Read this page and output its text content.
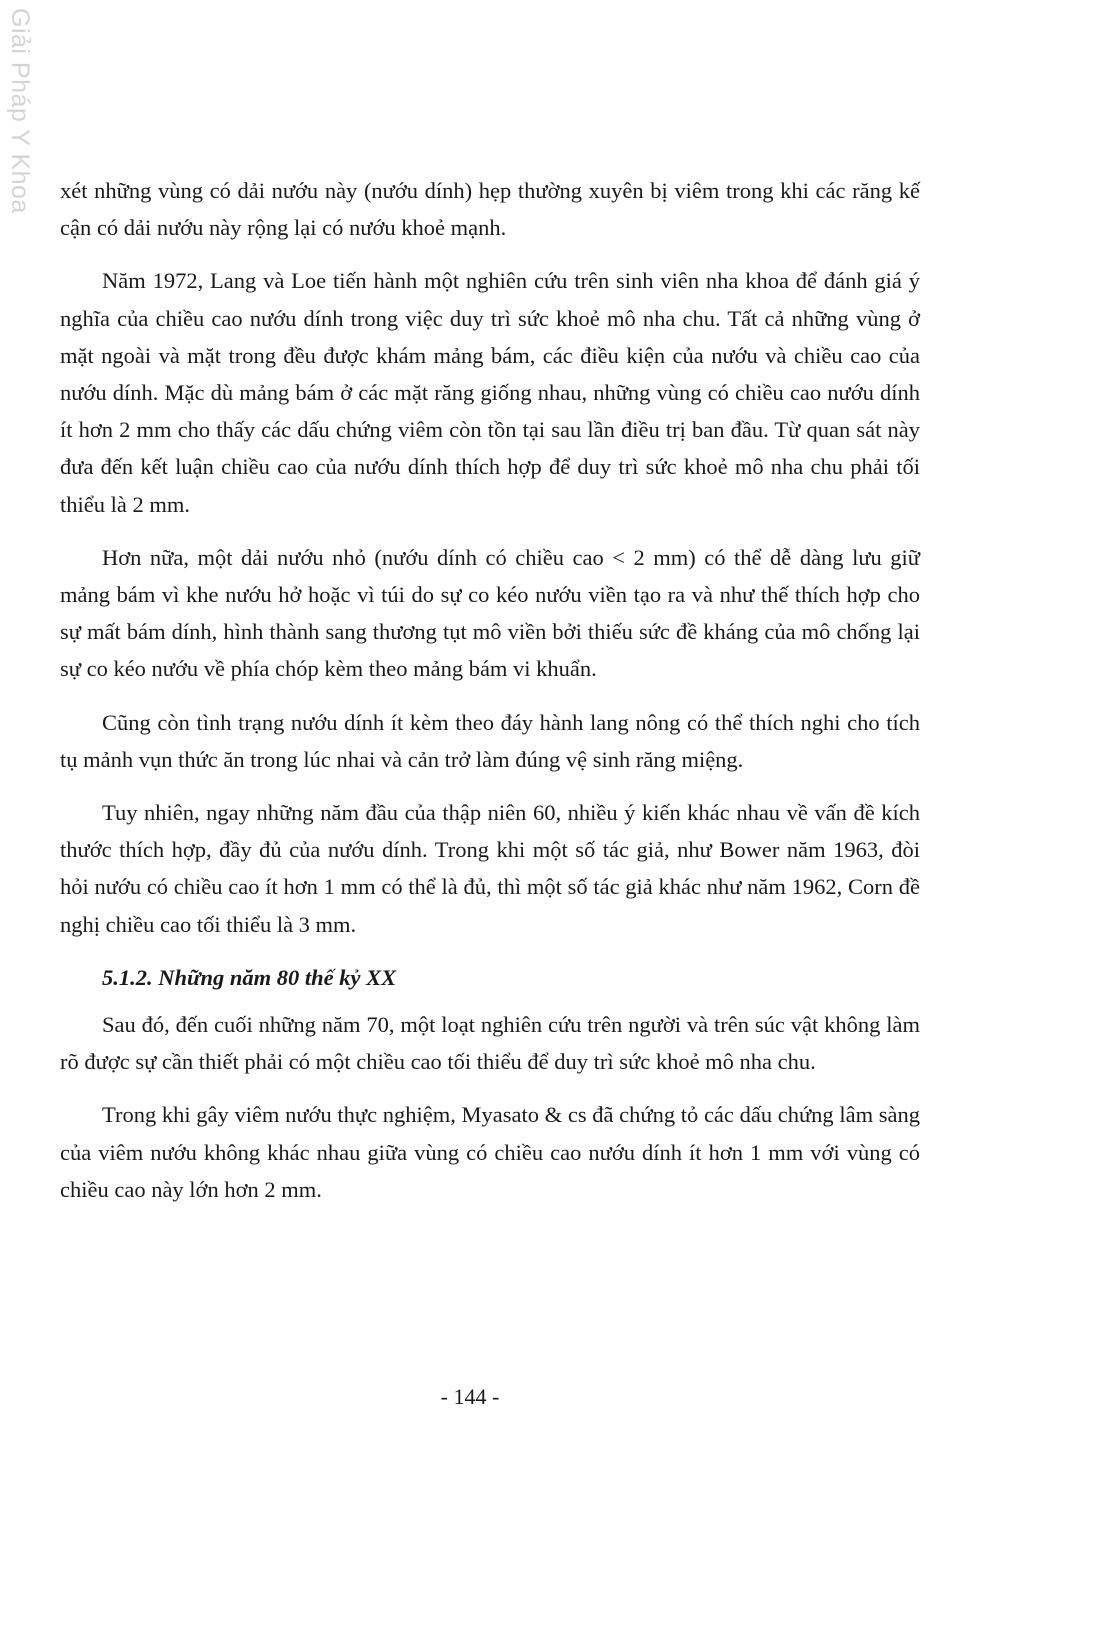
Giải Pháp Y Khoa xét những vùng có dải nướu này (nướu dính) hẹp thường xuyên bị viêm trong khi các răng kế cận có dải nướu này rộng lại có nướu khoẻ mạnh.

Năm 1972, Lang và Loe tiến hành một nghiên cứu trên sinh viên nha khoa để đánh giá ý nghĩa của chiều cao nướu dính trong việc duy trì sức khoẻ mô nha chu. Tất cả những vùng ở mặt ngoài và mặt trong đều được khám mảng bám, các điều kiện của nướu và chiều cao của nướu dính. Mặc dù mảng bám ở các mặt răng giống nhau, những vùng có chiều cao nướu dính ít hơn 2 mm cho thấy các dấu chứng viêm còn tồn tại sau lần điều trị ban đầu. Từ quan sát này đưa đến kết luận chiều cao của nướu dính thích hợp để duy trì sức khoẻ mô nha chu phải tối thiểu là 2 mm.

Hơn nữa, một dải nướu nhỏ (nướu dính có chiều cao < 2 mm) có thể dễ dàng lưu giữ mảng bám vì khe nướu hở hoặc vì túi do sự co kéo nướu viền tạo ra và như thế thích hợp cho sự mất bám dính, hình thành sang thương tụt mô viền bởi thiếu sức đề kháng của mô chống lại sự co kéo nướu về phía chóp kèm theo mảng bám vi khuẩn.

Cũng còn tình trạng nướu dính ít kèm theo đáy hành lang nông có thể thích nghi cho tích tụ mảnh vụn thức ăn trong lúc nhai và cản trở làm đúng vệ sinh răng miệng.

Tuy nhiên, ngay những năm đầu của thập niên 60, nhiều ý kiến khác nhau về vấn đề kích thước thích hợp, đầy đủ của nướu dính. Trong khi một số tác giả, như Bower năm 1963, đòi hỏi nướu có chiều cao ít hơn 1 mm có thể là đủ, thì một số tác giả khác như năm 1962, Corn đề nghị chiều cao tối thiểu là 3 mm.

5.1.2. Những năm 80 thế kỷ XX

Sau đó, đến cuối những năm 70, một loạt nghiên cứu trên người và trên súc vật không làm rõ được sự cần thiết phải có một chiều cao tối thiểu để duy trì sức khoẻ mô nha chu.

Trong khi gây viêm nướu thực nghiệm, Myasato & cs đã chứng tỏ các dấu chứng lâm sàng của viêm nướu không khác nhau giữa vùng có chiều cao nướu dính ít hơn 1 mm với vùng có chiều cao này lớn hơn 2 mm.

- 144 -
